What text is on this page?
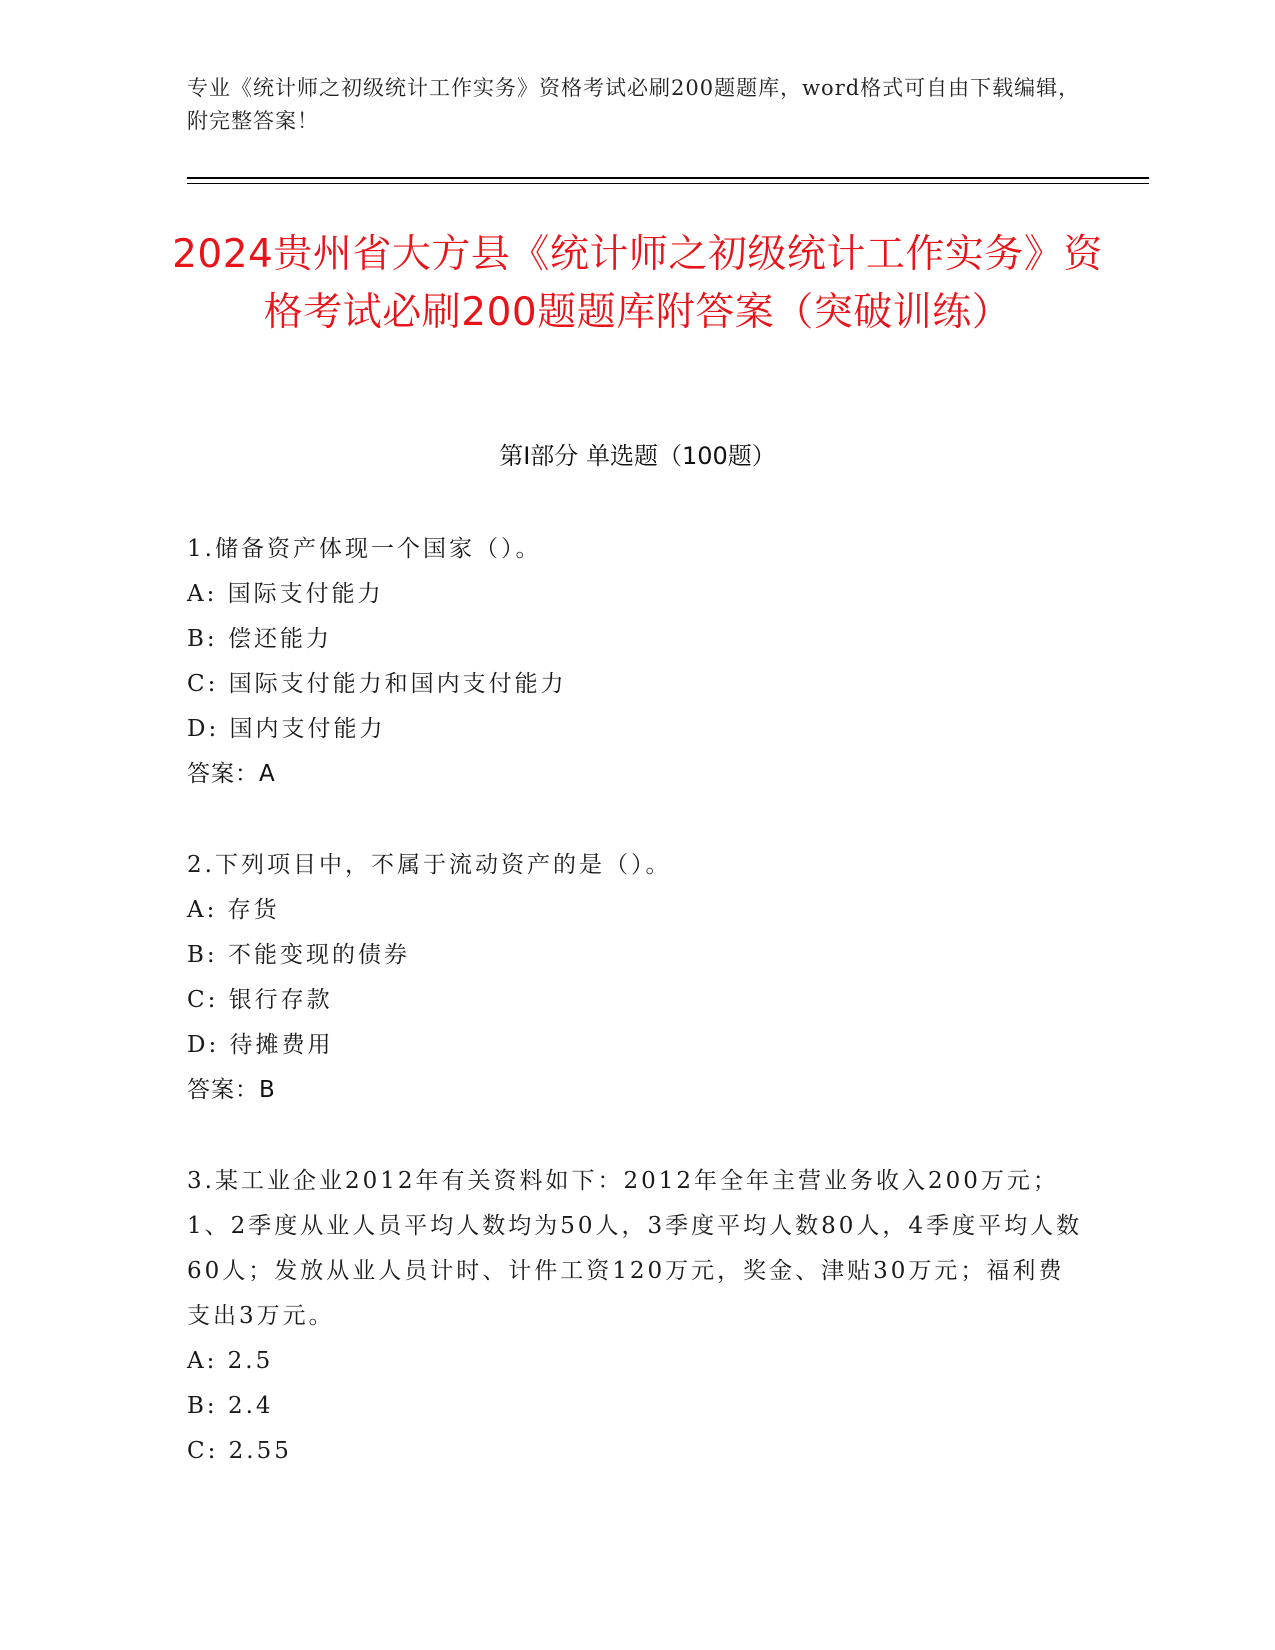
专业《统计师之初级统计工作实务》资格考试必刷200题题库，word格式可自由下载编辑，附完整答案！
2024贵州省大方县《统计师之初级统计工作实务》资格考试必刷200题题库附答案（突破训练）
第I部分 单选题（100题）
1.储备资产体现一个国家（）。
A: 国际支付能力
B: 偿还能力
C: 国际支付能力和国内支付能力
D: 国内支付能力
答案：A
2.下列项目中，不属于流动资产的是（）。
A: 存货
B: 不能变现的债券
C: 银行存款
D: 待摊费用
答案：B
3.某工业企业2012年有关资料如下：2012年全年主营业务收入200万元；1、2季度从业人员平均人数均为50人，3季度平均人数80人，4季度平均人数60人；发放从业人员计时、计件工资120万元，奖金、津贴30万元；福利费支出3万元。
A: 2.5
B: 2.4
C: 2.55
